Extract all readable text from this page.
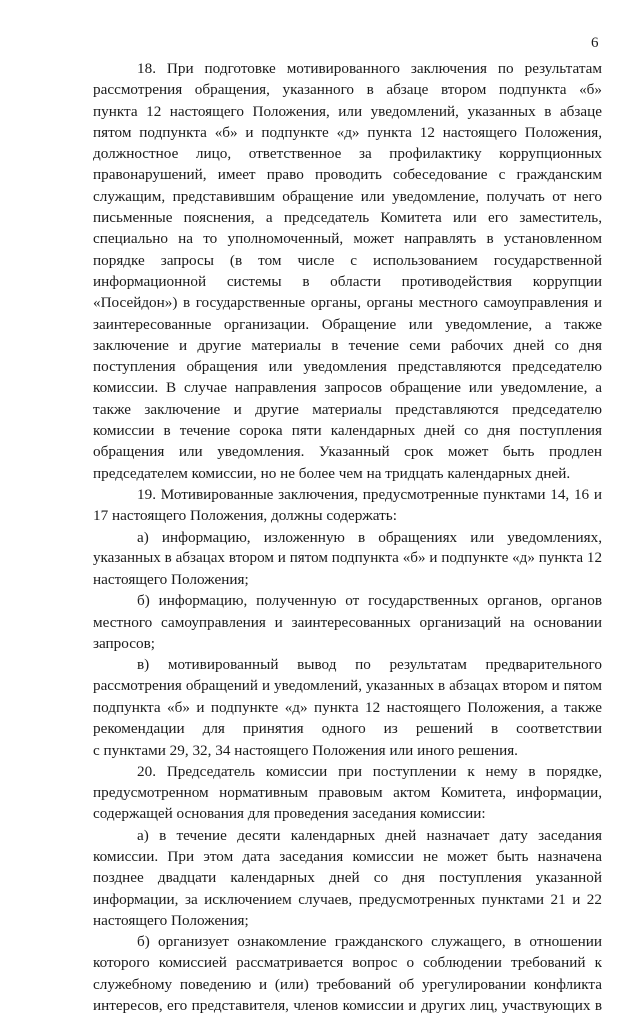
6
18. При подготовке мотивированного заключения по результатам
рассмотрения обращения, указанного в абзаце втором подпункта «б»
пункта 12 настоящего Положения, или уведомлений, указанных в абзаце
пятом подпункта «б» и подпункте «д» пункта 12 настоящего Положения,
должностное лицо, ответственное за профилактику коррупционных
правонарушений, имеет право проводить собеседование с гражданским
служащим, представившим обращение или уведомление, получать от него
письменные пояснения, а председатель Комитета или его заместитель,
специально на то уполномоченный, может направлять в установленном
порядке запросы (в том числе с использованием государственной
информационной системы в области противодействия коррупции
«Посейдон») в государственные органы, органы местного самоуправления и
заинтересованные организации. Обращение или уведомление, а также
заключение и другие материалы в течение семи рабочих дней со дня
поступления обращения или уведомления представляются председателю
комиссии. В случае направления запросов обращение или уведомление, а
также заключение и другие материалы представляются председателю
комиссии в течение сорока пяти календарных дней со дня поступления
обращения или уведомления. Указанный срок может быть продлен
председателем комиссии, но не более чем на тридцать календарных дней.
19. Мотивированные заключения, предусмотренные пунктами 14, 16 и
17 настоящего Положения, должны содержать:
а) информацию, изложенную в обращениях или уведомлениях,
указанных в абзацах втором и пятом подпункта «б» и подпункте «д» пункта 12
настоящего Положения;
б) информацию, полученную от государственных органов, органов
местного самоуправления и заинтересованных организаций на основании
запросов;
в) мотивированный вывод по результатам предварительного
рассмотрения обращений и уведомлений, указанных в абзацах втором и пятом
подпункта «б» и подпункте «д» пункта 12 настоящего Положения, а также
рекомендации для принятия одного из решений в соответствии
с пунктами 29, 32, 34 настоящего Положения или иного решения.
20. Председатель комиссии при поступлении к нему в порядке,
предусмотренном нормативным правовым актом Комитета, информации,
содержащей основания для проведения заседания комиссии:
а) в течение десяти календарных дней назначает дату заседания
комиссии. При этом дата заседания комиссии не может быть назначена
позднее двадцати календарных дней со дня поступления указанной
информации, за исключением случаев, предусмотренных пунктами 21 и 22
настоящего Положения;
б) организует ознакомление гражданского служащего, в отношении
которого комиссией рассматривается вопрос о соблюдении требований к
служебному поведению и (или) требований об урегулировании конфликта
интересов, его представителя, членов комиссии и других лиц, участвующих в
